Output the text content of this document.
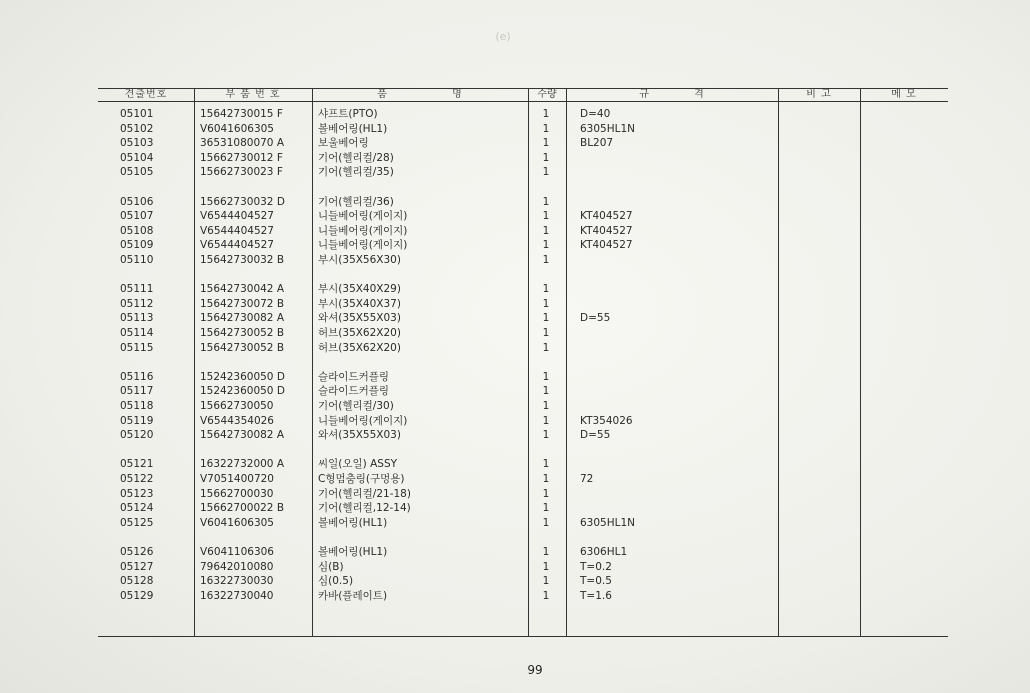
(e)
견출번호	부 품 번 호	품 명	수량	규 격	비 고	메 모
05101	15642730015 F	샤프트(PTO)	1	D=40
05102	V6041606305	볼베어링(HL1)	1	6305HL1N
05103	36531080070 A	보울베어링	1	BL207
05104	15662730012 F	기어(헬리컬/28)	1
05105	15662730023 F	기어(헬리컬/35)	1
05106	15662730032 D	기어(헬리컬/36)	1
05107	V6544404527	니들베어링(게이지)	1	KT404527
05108	V6544404527	니들베어링(게이지)	1	KT404527
05109	V6544404527	니들베어링(게이지)	1	KT404527
05110	15642730032 B	부시(35X56X30)	1
05111	15642730042 A	부시(35X40X29)	1
05112	15642730072 B	부시(35X40X37)	1
05113	15642730082 A	와셔(35X55X03)	1	D=55
05114	15642730052 B	허브(35X62X20)	1
05115	15642730052 B	허브(35X62X20)	1
05116	15242360050 D	슬라이드커플링	1
05117	15242360050 D	슬라이드커플링	1
05118	15662730050	기어(헬리컬/30)	1
05119	V6544354026	니들베어링(게이지)	1	KT354026
05120	15642730082 A	와셔(35X55X03)	1	D=55
05121	16322732000 A	씨일(오일) ASSY	1
05122	V7051400720	C형멈춤링(구멍용)	1	72
05123	15662700030	기어(헬리컬/21-18)	1
05124	15662700022 B	기어(헬리컬,12-14)	1
05125	V6041606305	볼베어링(HL1)	1	6305HL1N
05126	V6041106306	볼베어링(HL1)	1	6306HL1
05127	79642010080	심(B)	1	T=0.2
05128	16322730030	심(0.5)	1	T=0.5
05129	16322730040	카바(플레이트)	1	T=1.6
99
